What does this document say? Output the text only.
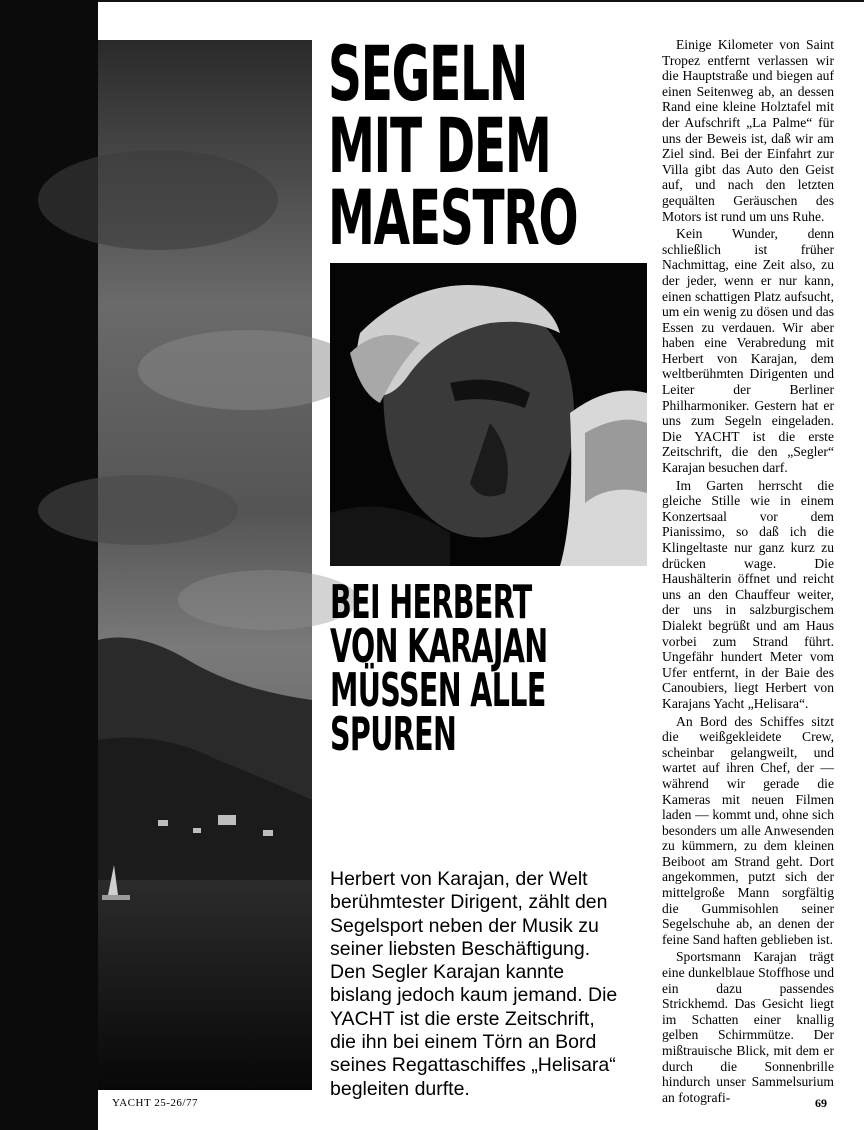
SEGELN
MIT DEM
MAESTRO
BEI HERBERT
VON KARAJAN
MÜSSEN ALLE
SPUREN

Herbert von Karajan, der Welt berühmtester Dirigent, zählt den Segelsport neben der Musik zu seiner liebsten Beschäftigung. Den Segler Karajan kannte bislang jedoch kaum jemand. Die YACHT ist die erste Zeitschrift, die ihn bei einem Törn an Bord seines Regattaschiffes „Helisara“ begleiten durfte.

Einige Kilometer von Saint Tropez entfernt verlassen wir die Hauptstraße und biegen auf einen Seitenweg ab, an dessen Rand eine kleine Holztafel mit der Aufschrift „La Palme“ für uns der Beweis ist, daß wir am Ziel sind. Bei der Einfahrt zur Villa gibt das Auto den Geist auf, und nach den letzten gequälten Geräuschen des Motors ist rund um uns Ruhe.

Kein Wunder, denn schließlich ist früher Nachmittag, eine Zeit also, zu der jeder, wenn er nur kann, einen schattigen Platz aufsucht, um ein wenig zu dösen und das Essen zu verdauen. Wir aber haben eine Verabredung mit Herbert von Karajan, dem weltberühmten Dirigenten und Leiter der Berliner Philharmoniker. Gestern hat er uns zum Segeln eingeladen. Die YACHT ist die erste Zeitschrift, die den „Segler“ Karajan besuchen darf.

Im Garten herrscht die gleiche Stille wie in einem Konzertsaal vor dem Pianissimo, so daß ich die Klingeltaste nur ganz kurz zu drücken wage. Die Haushälterin öffnet und reicht uns an den Chauffeur weiter, der uns in salzburgischem Dialekt begrüßt und am Haus vorbei zum Strand führt. Ungefähr hundert Meter vom Ufer entfernt, in der Baie des Canoubiers, liegt Herbert von Karajans Yacht „Helisara“.

An Bord des Schiffes sitzt die weißgekleidete Crew, scheinbar gelangweilt, und wartet auf ihren Chef, der — während wir gerade die Kameras mit neuen Filmen laden — kommt und, ohne sich besonders um alle Anwesenden zu kümmern, zu dem kleinen Beiboot am Strand geht. Dort angekommen, putzt sich der mittelgroße Mann sorgfältig die Gummisohlen seiner Segelschuhe ab, an denen der feine Sand haften geblieben ist.

Sportsmann Karajan trägt eine dunkelblaue Stoffhose und ein dazu passendes Strickhemd. Das Gesicht liegt im Schatten einer knallig gelben Schirmmütze. Der mißtrauische Blick, mit dem er durch die Sonnenbrille hindurch unser Sammelsurium an fotografi-

YACHT 25-26/77	69
